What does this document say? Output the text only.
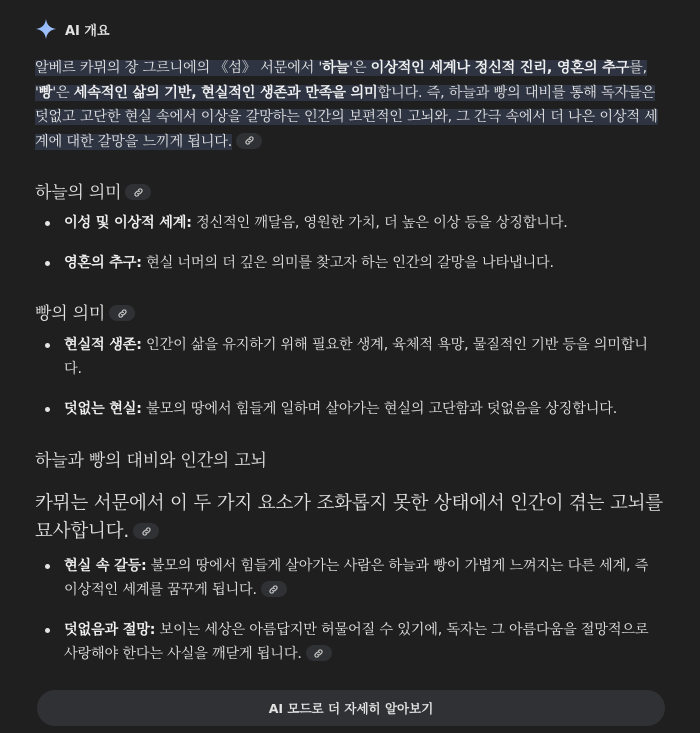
AI 개요
알베르 카뮈의 장 그르니에의 《섬》 서문에서 '하늘'은 이상적인 세계나 정신적 진리, 영혼의 추구를, '빵'은 세속적인 삶의 기반, 현실적인 생존과 만족을 의미합니다. 즉, 하늘과 빵의 대비를 통해 독자들은 덧없고 고단한 현실 속에서 이상을 갈망하는 인간의 보편적인 고뇌와, 그 간극 속에서 더 나은 이상적 세계에 대한 갈망을 느끼게 됩니다.
하늘의 의미
이성 및 이상적 세계: 정신적인 깨달음, 영원한 가치, 더 높은 이상 등을 상징합니다.
영혼의 추구: 현실 너머의 더 깊은 의미를 찾고자 하는 인간의 갈망을 나타냅니다.
빵의 의미
현실적 생존: 인간이 삶을 유지하기 위해 필요한 생계, 육체적 욕망, 물질적인 기반 등을 의미합니다.
덧없는 현실: 불모의 땅에서 힘들게 일하며 살아가는 현실의 고단함과 덧없음을 상징합니다.
하늘과 빵의 대비와 인간의 고뇌
카뮈는 서문에서 이 두 가지 요소가 조화롭지 못한 상태에서 인간이 겪는 고뇌를 묘사합니다.
현실 속 갈등: 불모의 땅에서 힘들게 살아가는 사람은 하늘과 빵이 가볍게 느껴지는 다른 세계, 즉 이상적인 세계를 꿈꾸게 됩니다.
덧없음과 절망: 보이는 세상은 아름답지만 허물어질 수 있기에, 독자는 그 아름다움을 절망적으로 사랑해야 한다는 사실을 깨닫게 됩니다.
AI 모드로 더 자세히 알아보기
